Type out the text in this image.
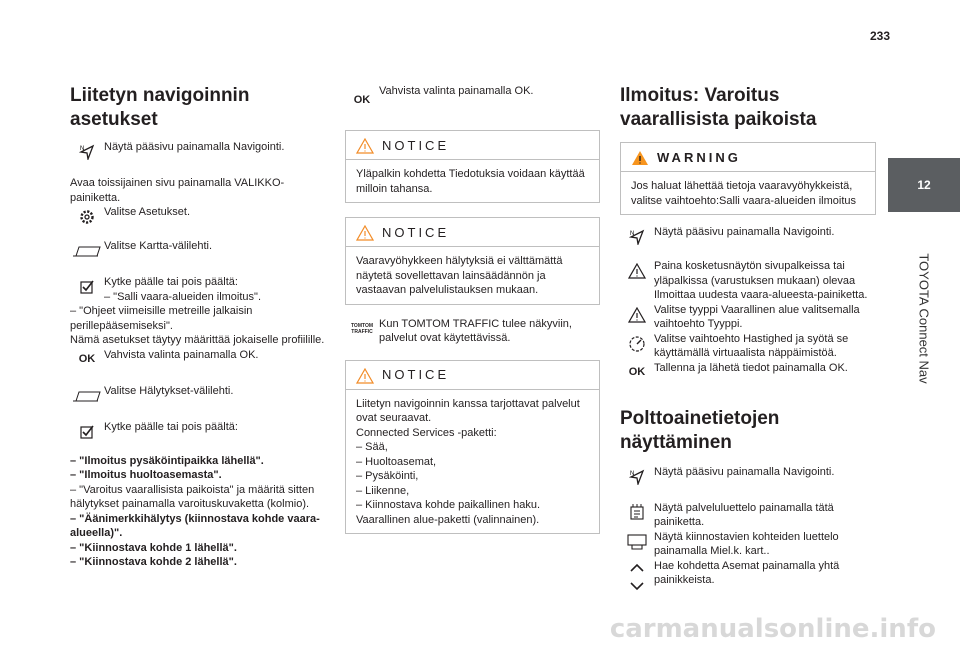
233
12
TOYOTA Connect Nav
Liitetyn navigoinnin asetukset
N Näytä pääsivu painamalla Navigointi.

Avaa toissijainen sivu painamalla VALIKKO-painiketta.

Valitse Asetukset.

Valitse Kartta-välilehti.

Kytke päälle tai pois päältä:

– "Salli vaara-alueiden ilmoitus".

– "Ohjeet viimeisille metreille jalkaisin perillepääsemiseksi".

Nämä asetukset täytyy määrittää jokaiselle profiilille.

OK Vahvista valinta painamalla OK.

Valitse Hälytykset-välilehti.

Kytke päälle tai pois päältä:

– "Ilmoitus pysäköintipaikka lähellä".

– "Ilmoitus huoltoasemasta".

– "Varoitus vaarallisista paikoista" ja määritä sitten hälytykset painamalla varoituskuvaketta (kolmio).

– "Äänimerkkihälytys (kiinnostava kohde vaara-alueella)".

– "Kiinnostava kohde 1 lähellä".

– "Kiinnostava kohde 2 lähellä".

OK

Vahvista valinta painamalla OK.

NOTICE
Yläpalkin kohdetta Tiedotuksia voidaan käyttää milloin tahansa.
NOTICE
Vaaravyöhykkeen hälytyksiä ei välttämättä näytetä sovellettavan lainsäädännön ja vastaavan palvelulistauksen mukaan.
TOMTOM TRAFFIC

Kun TOMTOM TRAFFIC tulee näkyviin, palvelut ovat käytettävissä.

NOTICE

Liitetyn navigoinnin kanssa tarjottavat palvelut ovat seuraavat.

Connected Services -paketti:

– Sää,

– Huoltoasemat,

– Pysäköinti,

– Liikenne,

– Kiinnostava kohde paikallinen haku.

Vaarallinen alue-paketti (valinnainen).

Ilmoitus: Varoitus vaarallisista paikoista
WARNING
Jos haluat lähettää tietoja vaaravyöhykkeistä, valitse vaihtoehto:Salli vaara-alueiden ilmoitus
N Näytä pääsivu painamalla Navigointi.

Paina kosketusnäytön sivupalkeissa tai yläpalkissa (varustuksen mukaan) olevaa Ilmoittaa uudesta vaara-alueesta-painiketta.

Valitse tyyppi Vaarallinen alue valitsemalla vaihtoehto Tyyppi.

Valitse vaihtoehto Hastighed ja syötä se käyttämällä virtuaalista näppäimistöä.

OK Tallenna ja lähetä tiedot painamalla OK.

Polttoainetietojen näyttäminen
N Näytä pääsivu painamalla Navigointi.

Näytä palveluluettelo painamalla tätä painiketta.

Näytä kiinnostavien kohteiden luettelo painamalla Miel.k. kart..

Hae kohdetta Asemat painamalla yhtä painikkeista.

carmanualsonline.info
